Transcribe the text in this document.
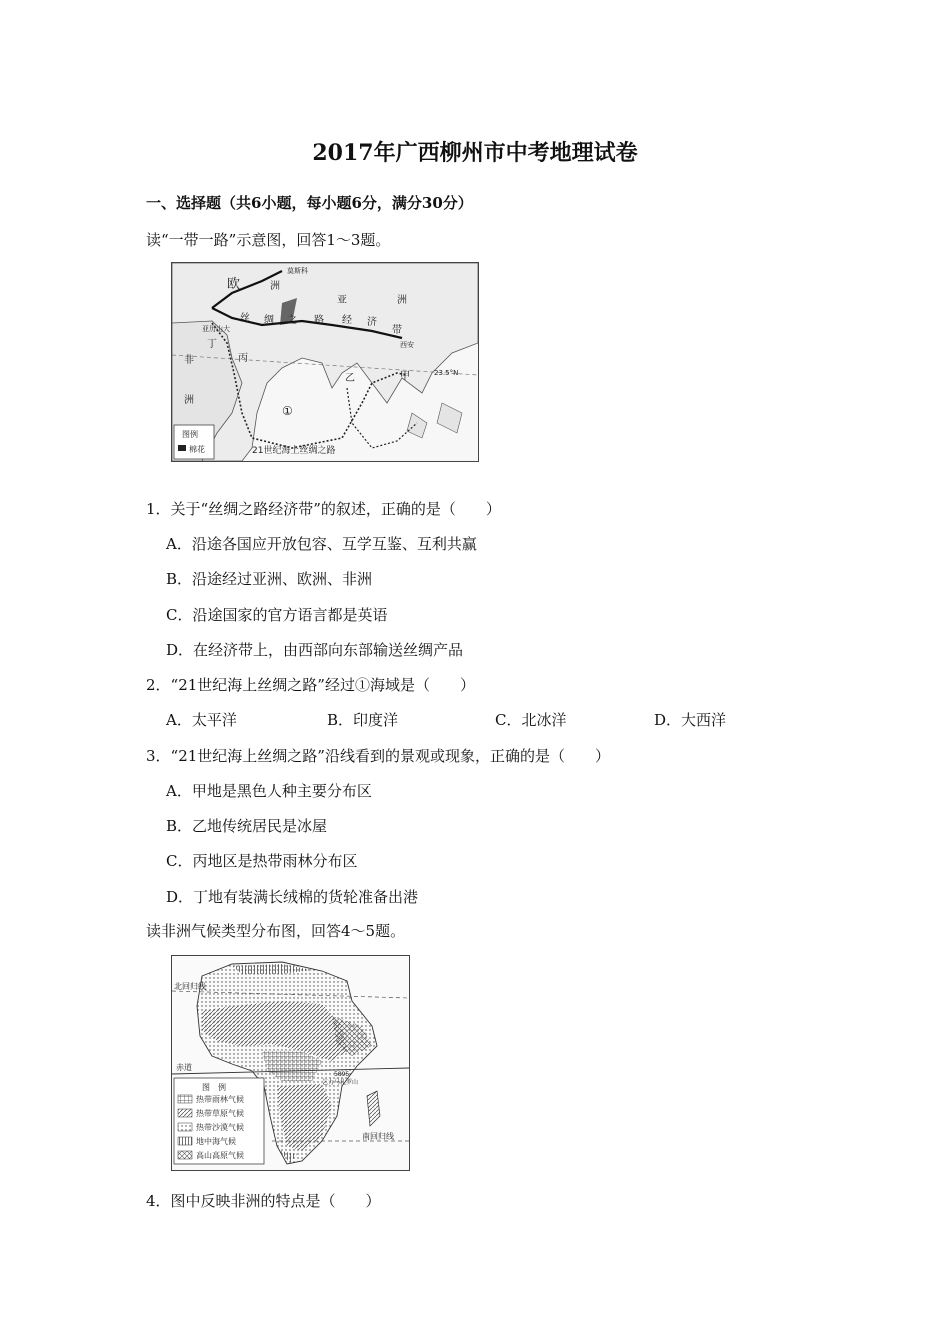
2017年广西柳州市中考地理试卷
一、选择题（共6小题，每小题6分，满分30分）
读“一带一路”示意图，回答1～3题。
图例
棉花
莫斯科
欧	洲
亚	洲
丝 绸 之 路 经 济
带
西安
亚历山大
丁
丙
乙	甲	23.5°N
非
洲
①
21世纪海上丝绸之路
1．关于“丝绸之路经济带”的叙述，正确的是（　　）
A．沿途各国应开放包容、互学互鉴、互利共赢
B．沿途经过亚洲、欧洲、非洲
C．沿途国家的官方语言都是英语
D．在经济带上，由西部向东部输送丝绸产品
2．“21世纪海上丝绸之路”经过①海域是（　　）
A．太平洋	B．印度洋	C．北冰洋	D．大西洋
3．“21世纪海上丝绸之路”沿线看到的景观或现象，正确的是（　　）
A．甲地是黑色人种主要分布区
B．乙地传统居民是冰屋
C．丙地区是热带雨林分布区
D．丁地有装满长绒棉的货轮准备出港
读非洲气候类型分布图，回答4～5题。
北回归线
赤道
南回归线
5895
乞力马扎罗山
图　例
热带雨林气候
热带草原气候
热带沙漠气候
地中海气候
高山高原气候
4．图中反映非洲的特点是（　　）
